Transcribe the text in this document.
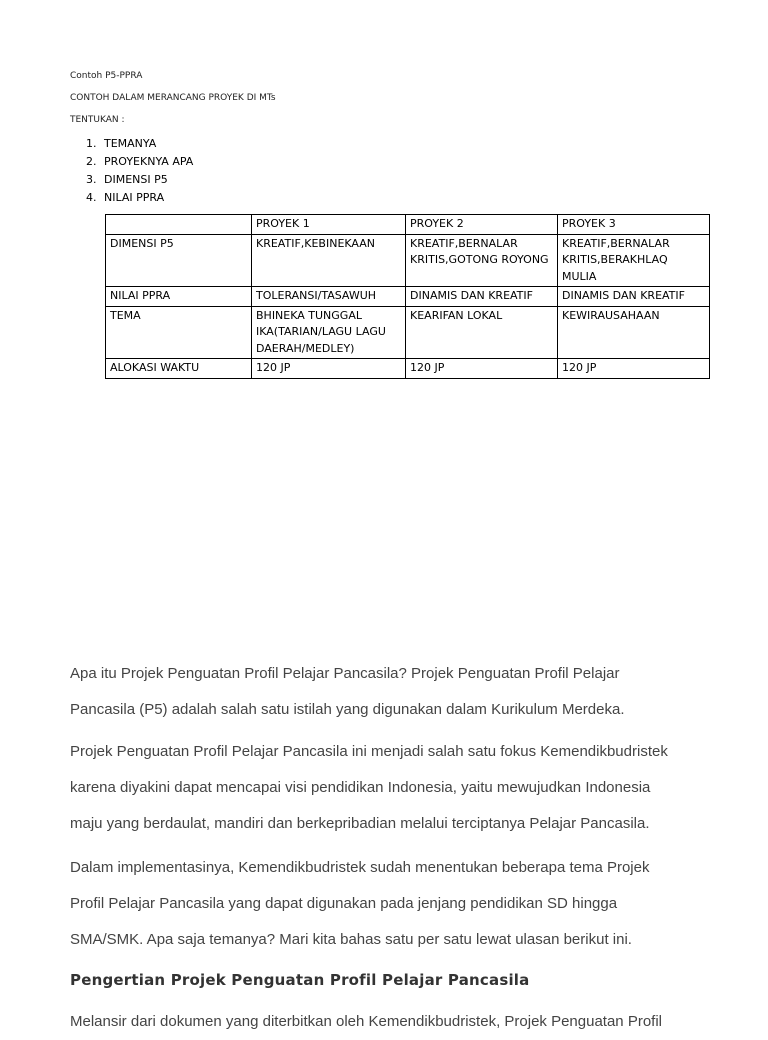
Contoh P5-PPRA
CONTOH DALAM MERANCANG PROYEK DI MTs
TENTUKAN :
1. TEMANYA
2. PROYEKNYA APA
3. DIMENSI P5
4. NILAI PPRA
	PROYEK 1	PROYEK 2	PROYEK 3
DIMENSI P5	KREATIF,KEBINEKAAN	KREATIF,BERNALAR KRITIS,GOTONG ROYONG	KREATIF,BERNALAR KRITIS,BERAKHLAQ MULIA
NILAI PPRA	TOLERANSI/TASAWUH	DINAMIS DAN KREATIF	DINAMIS DAN KREATIF
TEMA	BHINEKA TUNGGAL IKA(TARIAN/LAGU LAGU DAERAH/MEDLEY)	KEARIFAN LOKAL	KEWIRAUSAHAAN
ALOKASI WAKTU	120 JP	120 JP	120 JP

Apa itu Projek Penguatan Profil Pelajar Pancasila? Projek Penguatan Profil Pelajar

Pancasila (P5) adalah salah satu istilah yang digunakan dalam Kurikulum Merdeka.

Projek Penguatan Profil Pelajar Pancasila ini menjadi salah satu fokus Kemendikbudristek

karena diyakini dapat mencapai visi pendidikan Indonesia, yaitu mewujudkan Indonesia

maju yang berdaulat, mandiri dan berkepribadian melalui terciptanya Pelajar Pancasila.

Dalam implementasinya, Kemendikbudristek sudah menentukan beberapa tema Projek

Profil Pelajar Pancasila yang dapat digunakan pada jenjang pendidikan SD hingga

SMA/SMK. Apa saja temanya? Mari kita bahas satu per satu lewat ulasan berikut ini.

Pengertian Projek Penguatan Profil Pelajar Pancasila

Melansir dari dokumen yang diterbitkan oleh Kemendikbudristek, Projek Penguatan Profil
